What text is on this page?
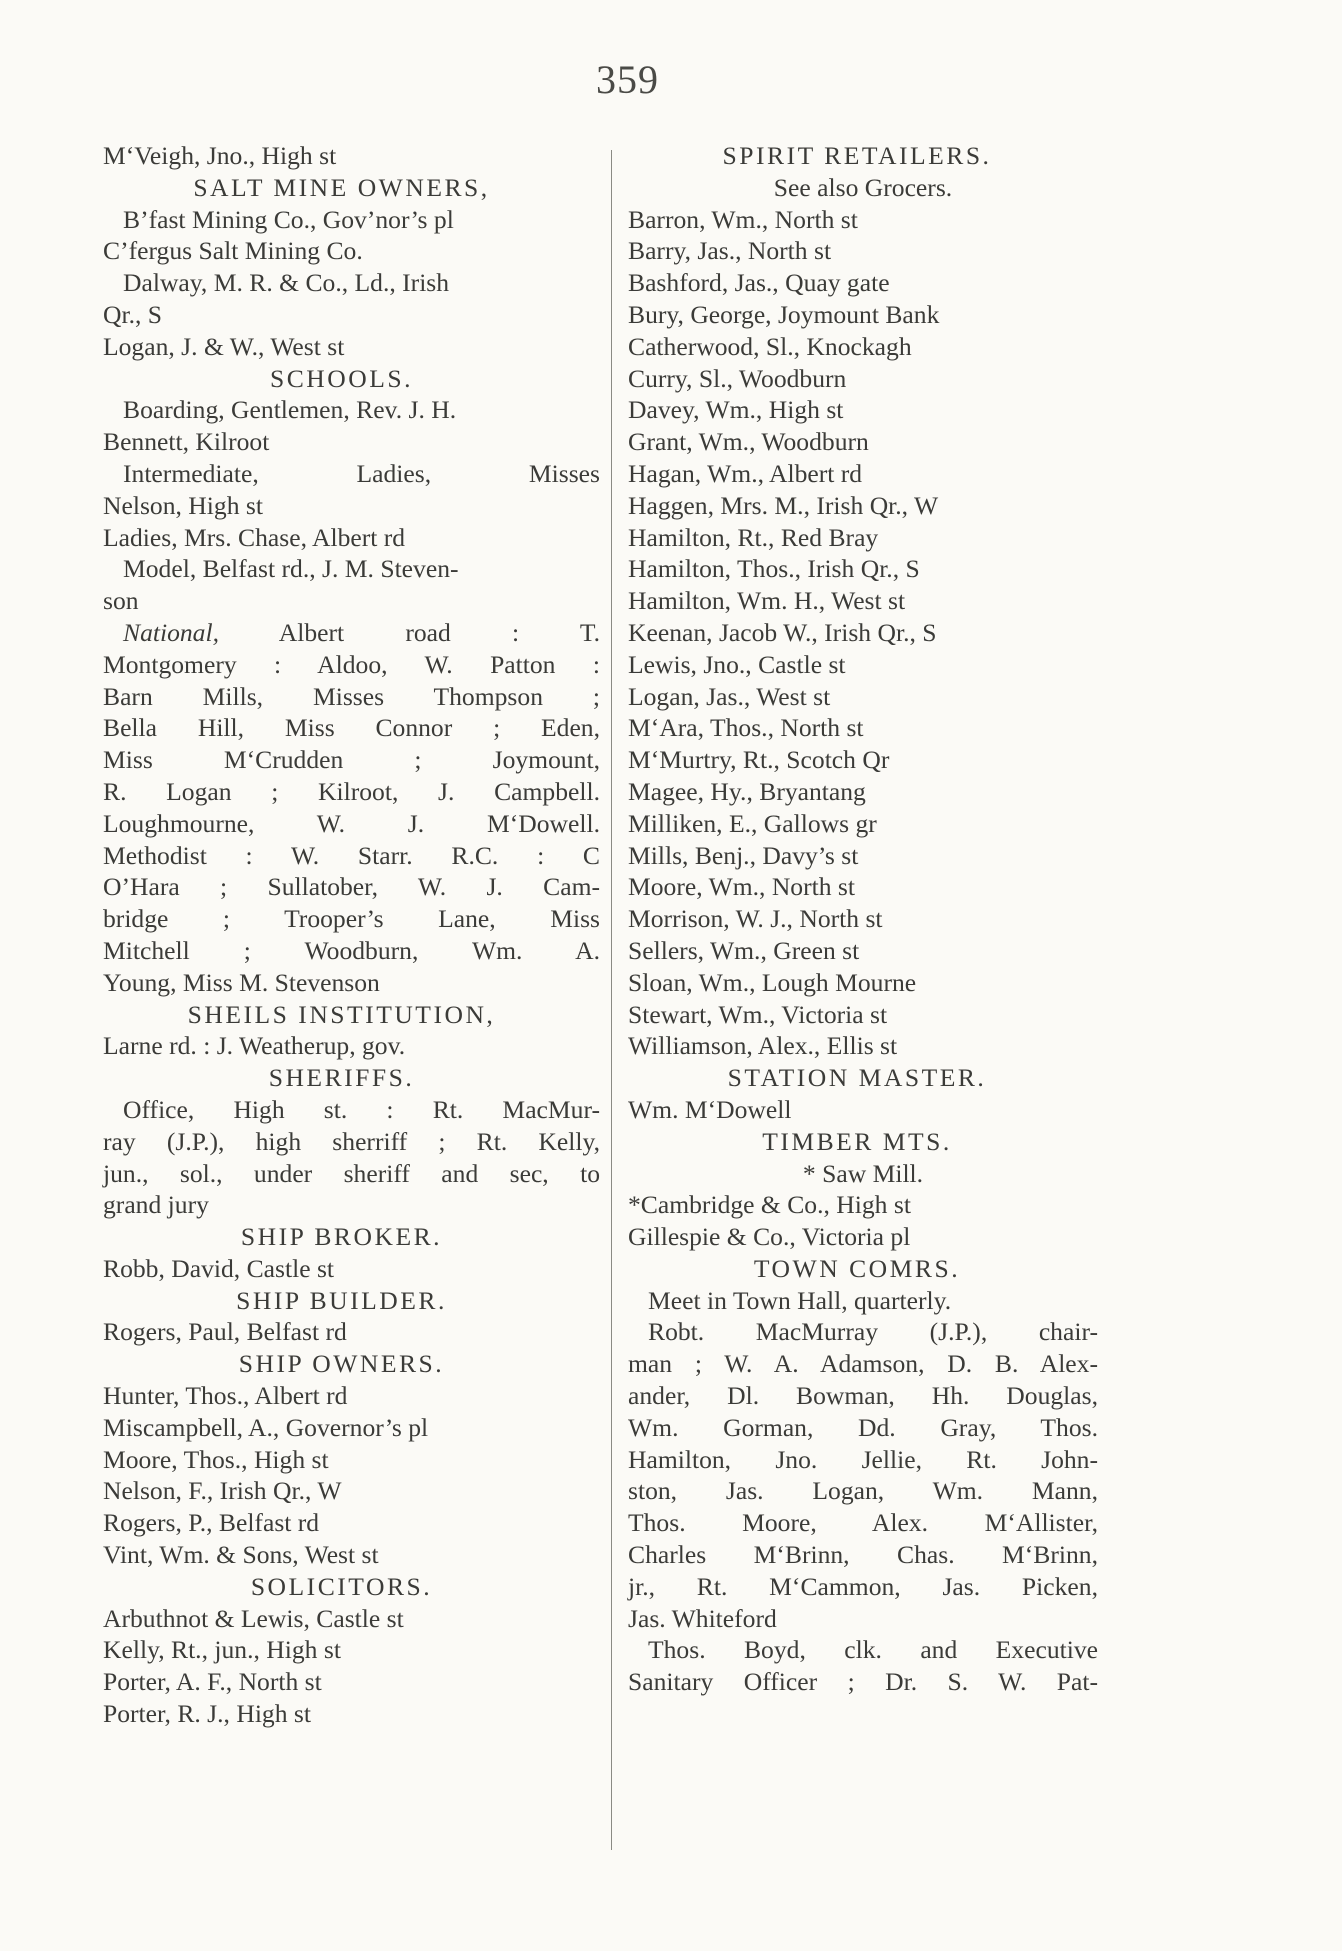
359

M‘Veigh, Jno., High st

SALT MINE OWNERS,

B’fast Mining Co., Gov’nor’s pl

C’fergus Salt Mining Co.

Dalway, M. R. & Co., Ld., Irish

Qr., S

Logan, J. & W., West st

SCHOOLS.

Boarding, Gentlemen, Rev. J. H.

Bennett, Kilroot

Intermediate, Ladies, Misses

Nelson, High st

Ladies, Mrs. Chase, Albert rd

Model, Belfast rd., J. M. Steven-

son

National, Albert road : T.

Montgomery : Aldoo, W. Patton :

Barn Mills, Misses Thompson ;

Bella Hill, Miss Connor ; Eden,

Miss M‘Crudden ; Joymount,

R. Logan ; Kilroot, J. Campbell.

Loughmourne, W. J. M‘Dowell.

Methodist : W. Starr. R.C. : C

O’Hara ; Sullatober, W. J. Cam-

bridge ; Trooper’s Lane, Miss

Mitchell ; Woodburn, Wm. A.

Young, Miss M. Stevenson

SHEILS INSTITUTION,

Larne rd. : J. Weatherup, gov.

SHERIFFS.

Office, High st. : Rt. MacMur-

ray (J.P.), high sherriff ; Rt. Kelly,

jun., sol., under sheriff and sec, to

grand jury

SHIP BROKER.

Robb, David, Castle st

SHIP BUILDER.

Rogers, Paul, Belfast rd

SHIP OWNERS.

Hunter, Thos., Albert rd

Miscampbell, A., Governor’s pl

Moore, Thos., High st

Nelson, F., Irish Qr., W

Rogers, P., Belfast rd

Vint, Wm. & Sons, West st

SOLICITORS.

Arbuthnot & Lewis, Castle st

Kelly, Rt., jun., High st

Porter, A. F., North st

Porter, R. J., High st

SPIRIT RETAILERS.

See also Grocers.

Barron, Wm., North st

Barry, Jas., North st

Bashford, Jas., Quay gate

Bury, George, Joymount Bank

Catherwood, Sl., Knockagh

Curry, Sl., Woodburn

Davey, Wm., High st

Grant, Wm., Woodburn

Hagan, Wm., Albert rd

Haggen, Mrs. M., Irish Qr., W

Hamilton, Rt., Red Bray

Hamilton, Thos., Irish Qr., S

Hamilton, Wm. H., West st

Keenan, Jacob W., Irish Qr., S

Lewis, Jno., Castle st

Logan, Jas., West st

M‘Ara, Thos., North st

M‘Murtry, Rt., Scotch Qr

Magee, Hy., Bryantang

Milliken, E., Gallows gr

Mills, Benj., Davy’s st

Moore, Wm., North st

Morrison, W. J., North st

Sellers, Wm., Green st

Sloan, Wm., Lough Mourne

Stewart, Wm., Victoria st

Williamson, Alex., Ellis st

STATION MASTER.

Wm. M‘Dowell

TIMBER MTS.

* Saw Mill.

*Cambridge & Co., High st

Gillespie & Co., Victoria pl

TOWN COMRS.

Meet in Town Hall, quarterly.

Robt. MacMurray (J.P.), chair-

man ; W. A. Adamson, D. B. Alex-

ander, Dl. Bowman, Hh. Douglas,

Wm. Gorman, Dd. Gray, Thos.

Hamilton, Jno. Jellie, Rt. John-

ston, Jas. Logan, Wm. Mann,

Thos. Moore, Alex. M‘Allister,

Charles M‘Brinn, Chas. M‘Brinn,

jr., Rt. M‘Cammon, Jas. Picken,

Jas. Whiteford

Thos. Boyd, clk. and Executive

Sanitary Officer ; Dr. S. W. Pat-
